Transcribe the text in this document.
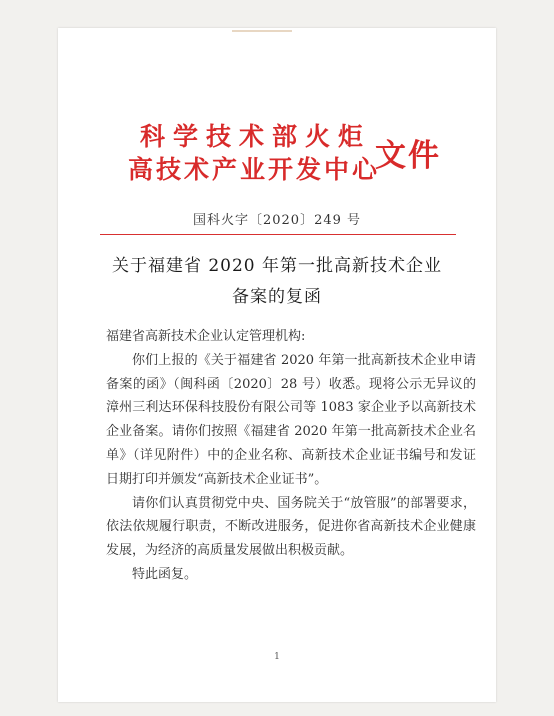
科学技术部火炬
高技术产业开发中心
文件
国科火字〔2020〕249 号
关于福建省 2020 年第一批高新技术企业
备案的复函

福建省高新技术企业认定管理机构:

你们上报的《关于福建省 2020 年第一批高新技术企业申请备案的函》（闽科函〔2020〕28 号）收悉。现将公示无异议的漳州三利达环保科技股份有限公司等 1083 家企业予以高新技术企业备案。请你们按照《福建省 2020 年第一批高新技术企业名单》（详见附件）中的企业名称、高新技术企业证书编号和发证日期打印并颁发“高新技术企业证书”。

请你们认真贯彻党中央、国务院关于“放管服”的部署要求，依法依规履行职责，不断改进服务，促进你省高新技术企业健康发展，为经济的高质量发展做出积极贡献。

特此函复。

1
